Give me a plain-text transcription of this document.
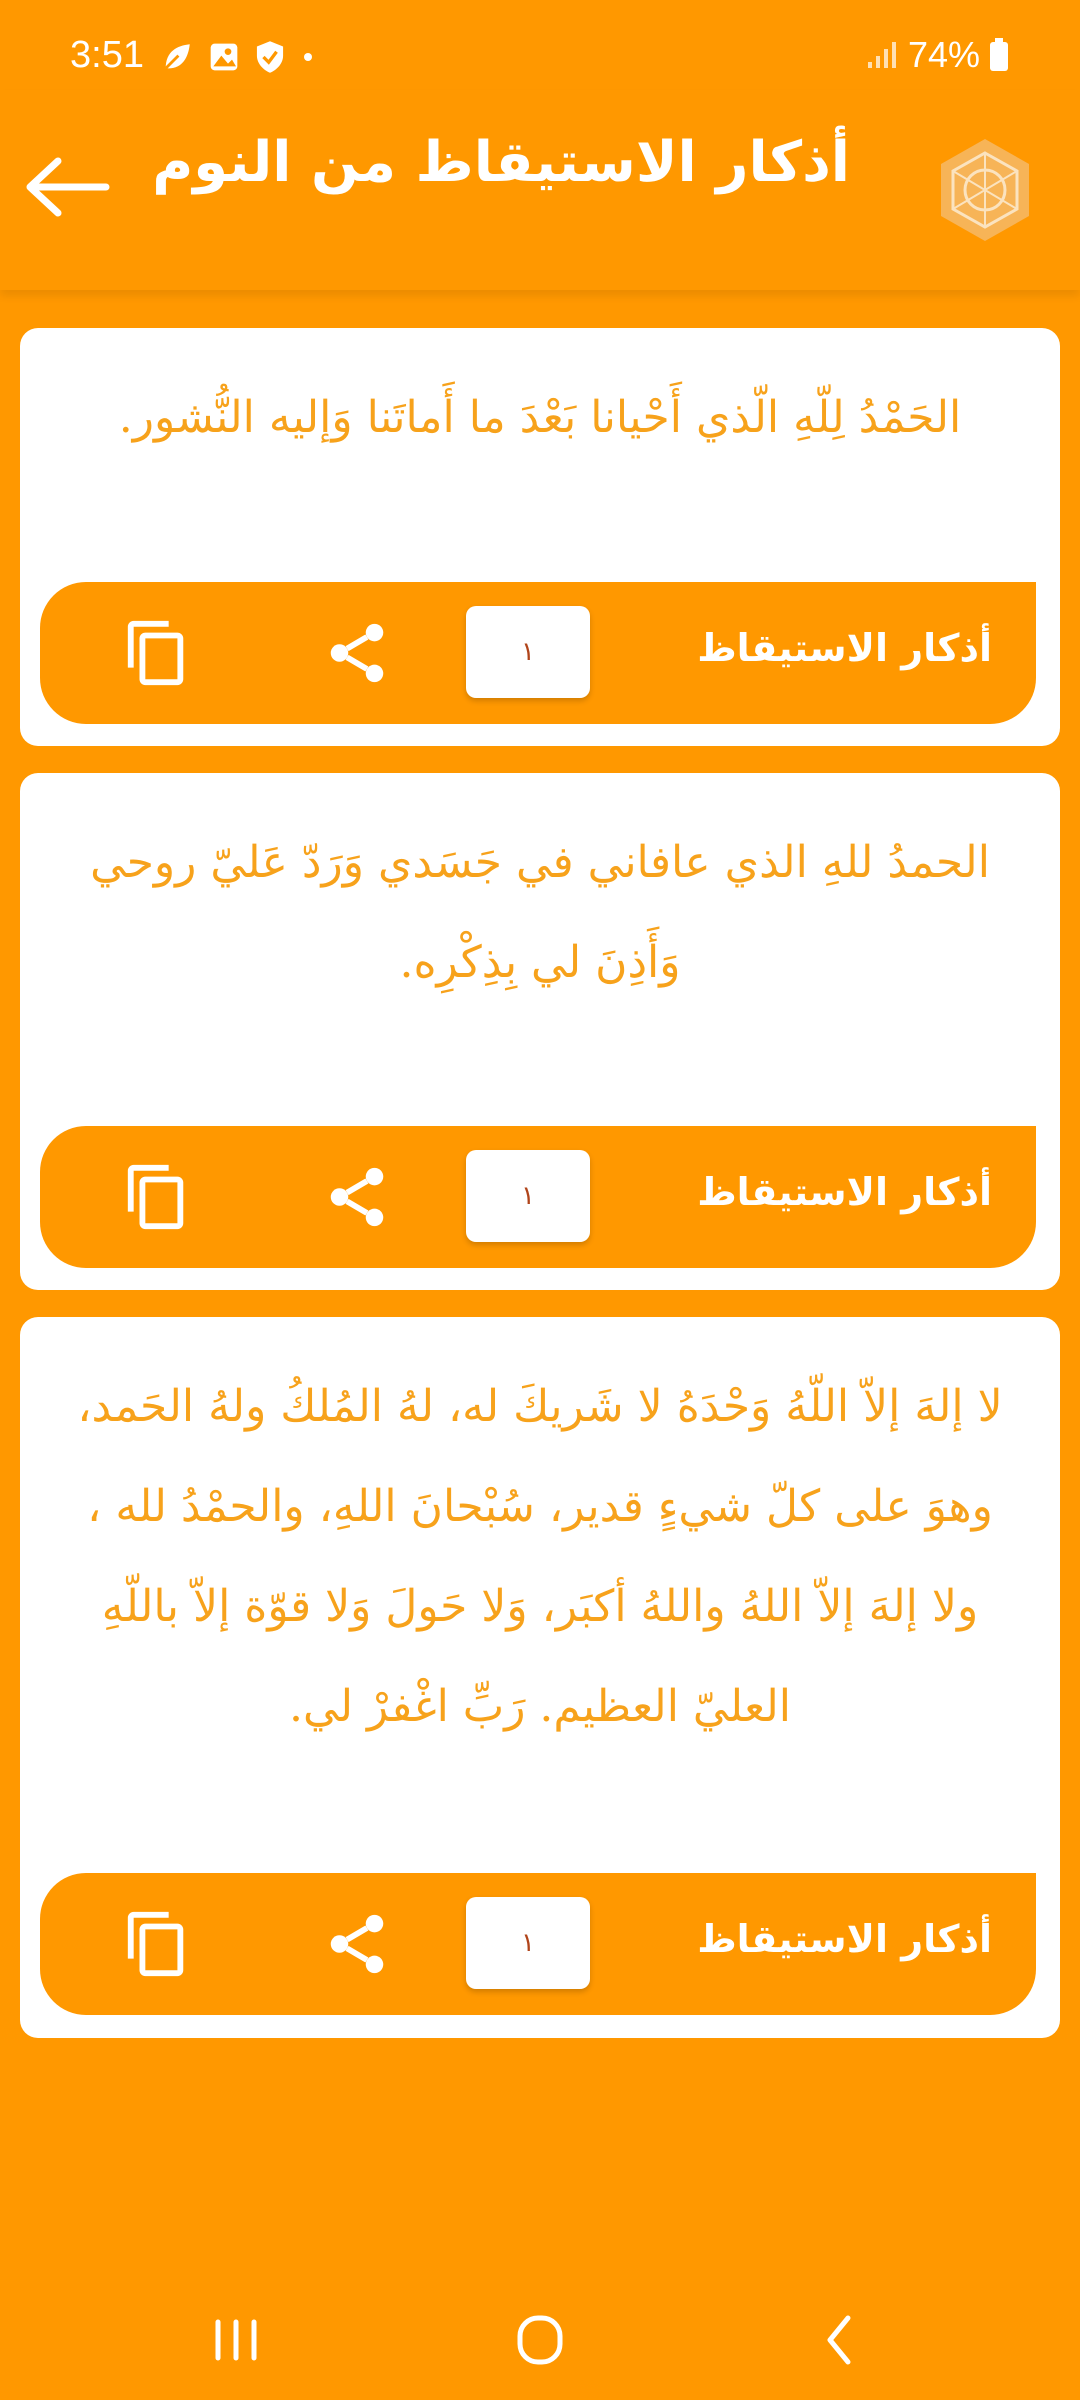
3:51	74%
أذكار الاستيقاظ من النوم
الحَمْدُ لِلّهِ الّذي أَحْيانا بَعْدَ ما أَماتَنا وَإليه النُّشور.
أذكار الاستيقاظ
١
الحمدُ للهِ الذي عافاني في جَسَدي وَرَدّ عَليّ روحي وَأَذِنَ لي بِذِكْرِه.
أذكار الاستيقاظ
١
لا إلهَ إلاّ اللّهُ وَحْدَهُ لا شَريكَ له، لهُ المُلكُ ولهُ الحَمد، وهوَ على كلّ شيءٍ قدير، سُبْحانَ اللهِ، والحمْدُ لله ، ولا إلهَ إلاّ اللهُ واللهُ أكبَر، وَلا حَولَ وَلا قوّة إلاّ باللّهِ العليّ العظيم. رَبِّ اغْفرْ لي.
أذكار الاستيقاظ
١
